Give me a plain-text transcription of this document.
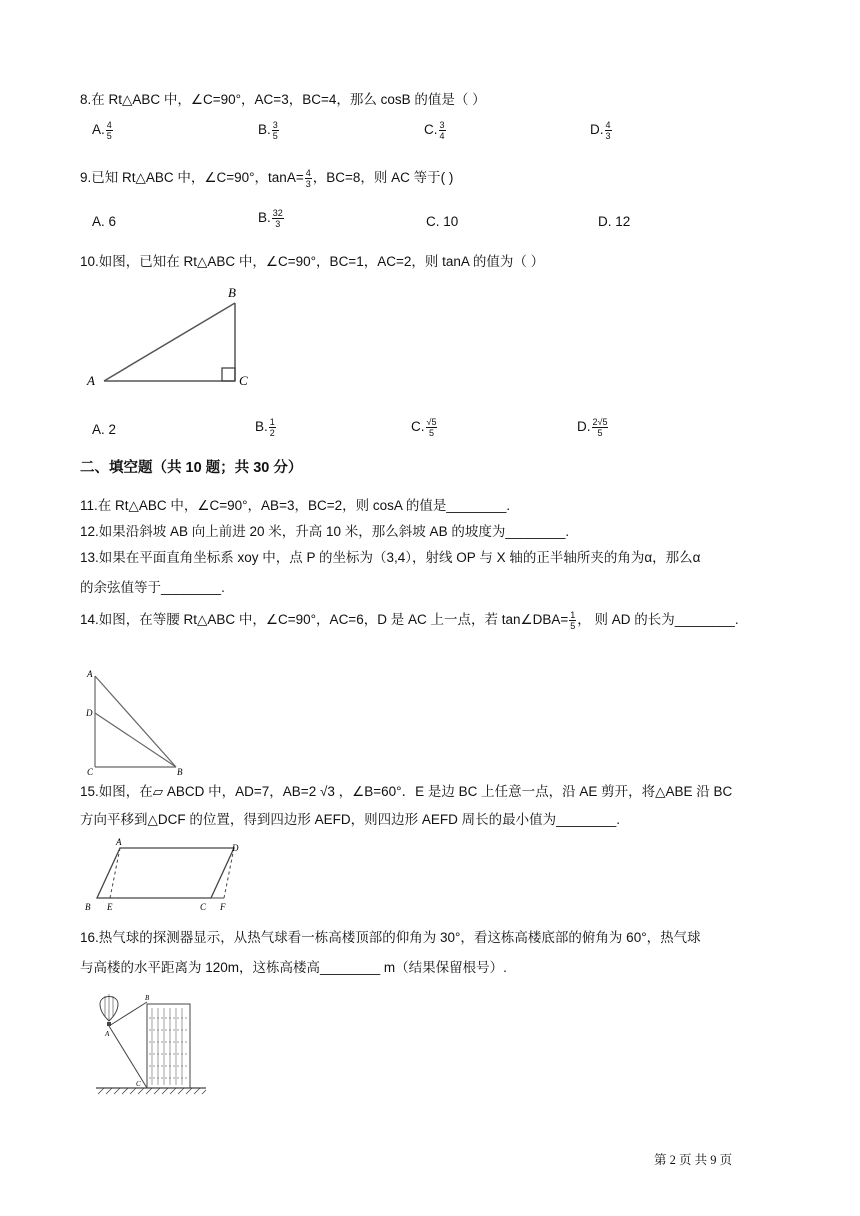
8.在 Rt△ABC 中，∠C=90°，AC=3，BC=4，那么 cosB 的值是（ ）
A. $\frac{4}{5}$	B. $\frac{3}{5}$	C. $\frac{3}{4}$	D. $\frac{4}{3}$
9.已知 Rt△ABC 中，∠C=90°，$\tan A= \frac{4}{3}$ ，BC=8，则 AC 等于( )
A. 6	B. $\frac{32}{3}$	C. 10	D. 12
10.如图，已知在 Rt△ABC 中，∠C=90°，BC=1，AC=2，则 tanA 的值为（ ）
A
B
C
A. 2	B. $\frac{1}{2}$	C. $\frac{√5}{5}$	D. $\frac{2√5}{5}$
二、填空题（共 10 题；共 30 分）
11.在 Rt△ABC 中，∠C=90°，AB=3，BC=2，则 cosA 的值是________.
12.如果沿斜坡 AB 向上前进 20 米，升高 10 米，那么斜坡 AB 的坡度为________.
13.如果在平面直角坐标系 xoy 中，点 P 的坐标为（3,4），射线 OP 与 X 轴的正半轴所夹的角为α，那么α
的余弦值等于________.
14.如图，在等腰 Rt△ABC 中，∠C=90°，AC=6，D 是 AC 上一点，若 tan∠DBA= $\frac{1}{5}$ ， 则 AD 的长为________.
A
D
C	B
15.如图，在▱ ABCD 中，AD=7，AB=2 √3 ，∠B=60°．E 是边 BC 上任意一点，沿 AE 剪开，将△ABE 沿 BC
方向平移到△DCF 的位置，得到四边形 AEFD，则四边形 AEFD 周长的最小值为________.
A
D
B E	C F
16.热气球的探测器显示，从热气球看一栋高楼顶部的仰角为 30°，看这栋高楼底部的俯角为 60°，热气球
与高楼的水平距离为 120m，这栋高楼高________ m（结果保留根号）.
A
B
C
第 2 页 共 9 页
